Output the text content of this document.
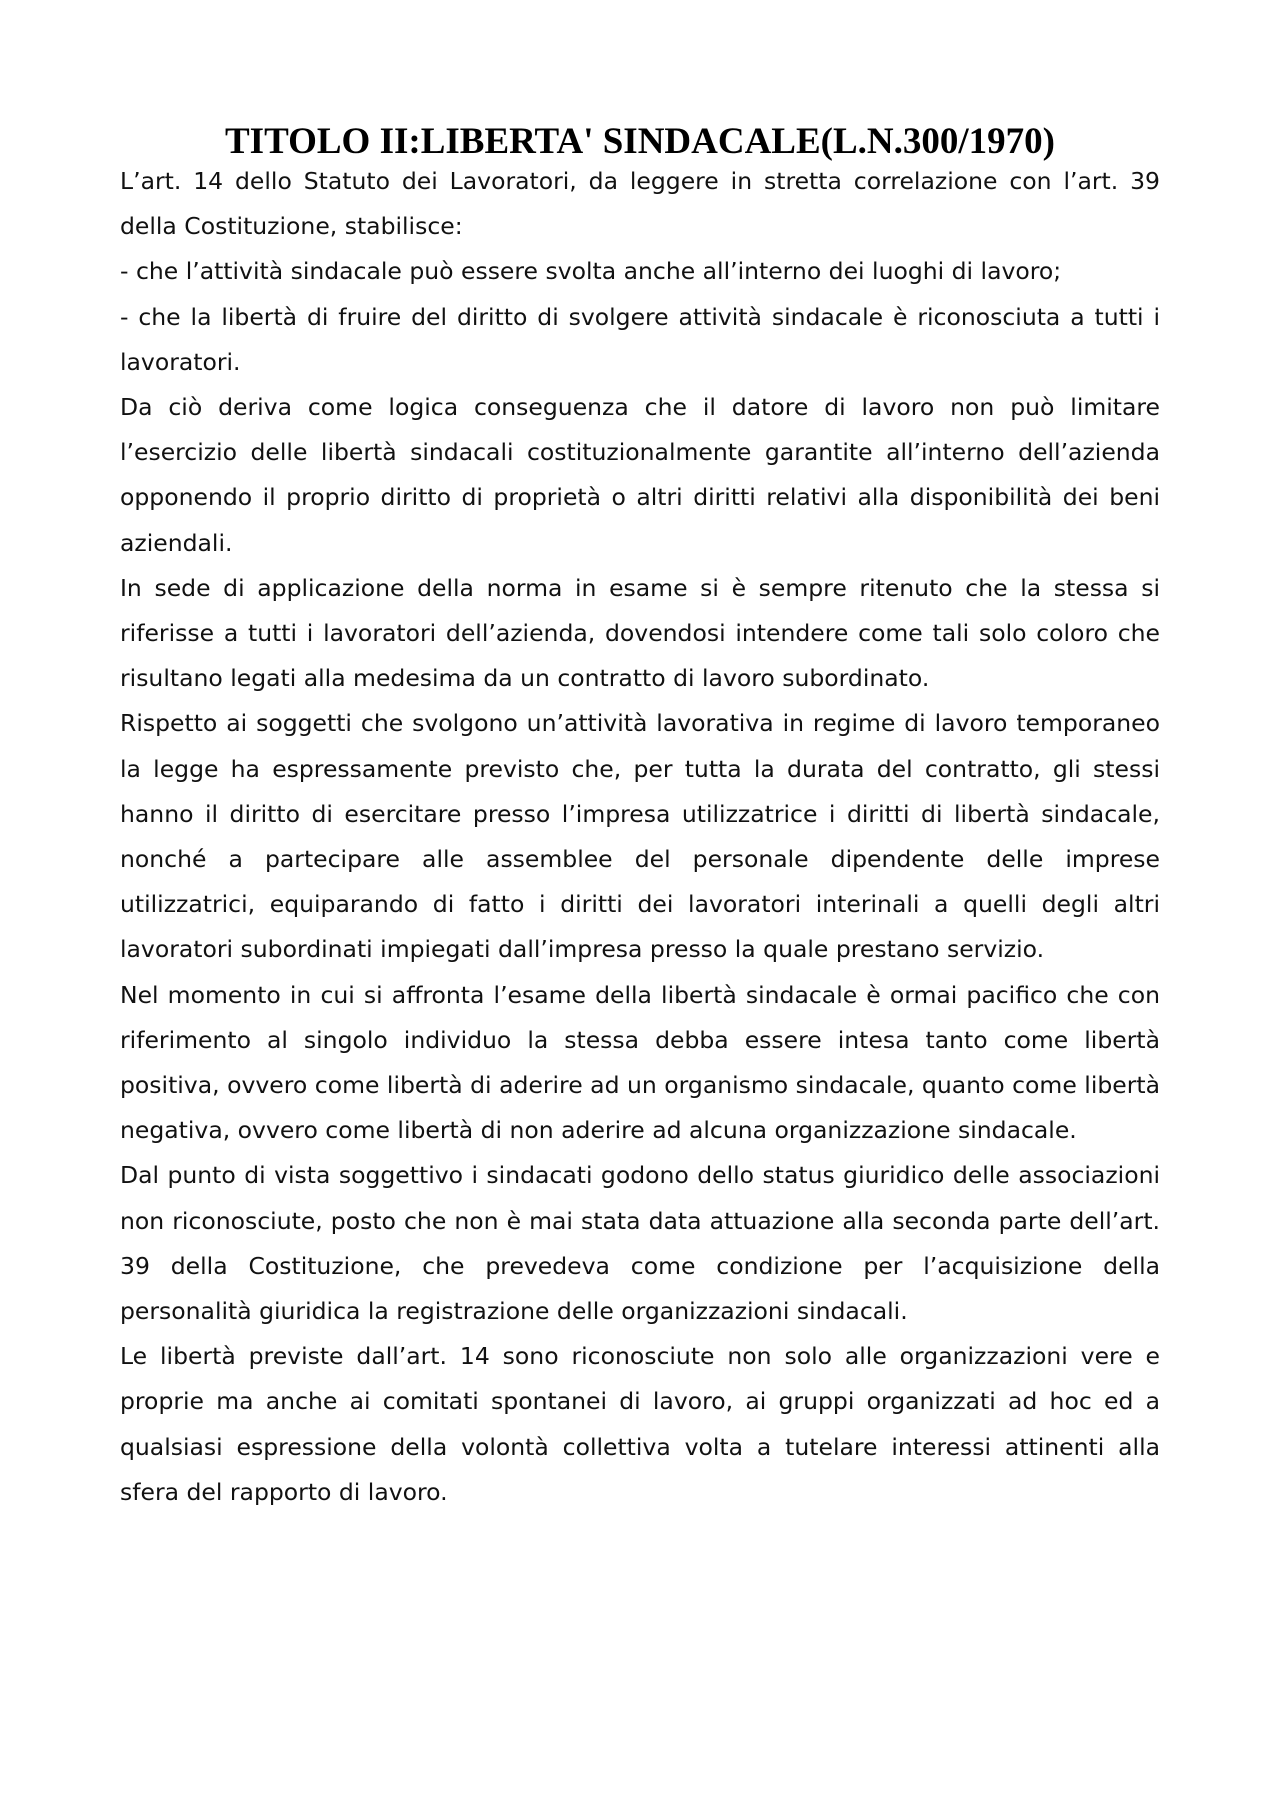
TITOLO II:LIBERTA' SINDACALE(L.N.300/1970)

L’art. 14 dello Statuto dei Lavoratori, da leggere in stretta correlazione con l’art. 39 della Costituzione, stabilisce:

- che l’attività sindacale può essere svolta anche all’interno dei luoghi di lavoro;

- che la libertà di fruire del diritto di svolgere attività sindacale è riconosciuta a tutti i lavoratori.

Da ciò deriva come logica conseguenza che il datore di lavoro non può limitare l’esercizio delle libertà sindacali costituzionalmente garantite all’interno dell’azienda opponendo il proprio diritto di proprietà o altri diritti relativi alla disponibilità dei beni aziendali.

In sede di applicazione della norma in esame si è sempre ritenuto che la stessa si riferisse a tutti i lavoratori dell’azienda, dovendosi intendere come tali solo coloro che risultano legati alla medesima da un contratto di lavoro subordinato.

Rispetto ai soggetti che svolgono un’attività lavorativa in regime di lavoro temporaneo la legge ha espressamente previsto che, per tutta la durata del contratto, gli stessi hanno il diritto di esercitare presso l’impresa utilizzatrice i diritti di libertà sindacale, nonché a partecipare alle assemblee del personale dipendente delle imprese utilizzatrici, equiparando di fatto i diritti dei lavoratori interinali a quelli degli altri lavoratori subordinati impiegati dall’impresa presso la quale prestano servizio.

Nel momento in cui si affronta l’esame della libertà sindacale è ormai pacifico che con riferimento al singolo individuo la stessa debba essere intesa tanto come libertà positiva, ovvero come libertà di aderire ad un organismo sindacale, quanto come libertà negativa, ovvero come libertà di non aderire ad alcuna organizzazione sindacale.

Dal punto di vista soggettivo i sindacati godono dello status giuridico delle associazioni non riconosciute, posto che non è mai stata data attuazione alla seconda parte dell’art. 39 della Costituzione, che prevedeva come condizione per l’acquisizione della personalità giuridica la registrazione delle organizzazioni sindacali.

Le libertà previste dall’art. 14 sono riconosciute non solo alle organizzazioni vere e proprie ma anche ai comitati spontanei di lavoro, ai gruppi organizzati ad hoc ed a qualsiasi espressione della volontà collettiva volta a tutelare interessi attinenti alla sfera del rapporto di lavoro.
